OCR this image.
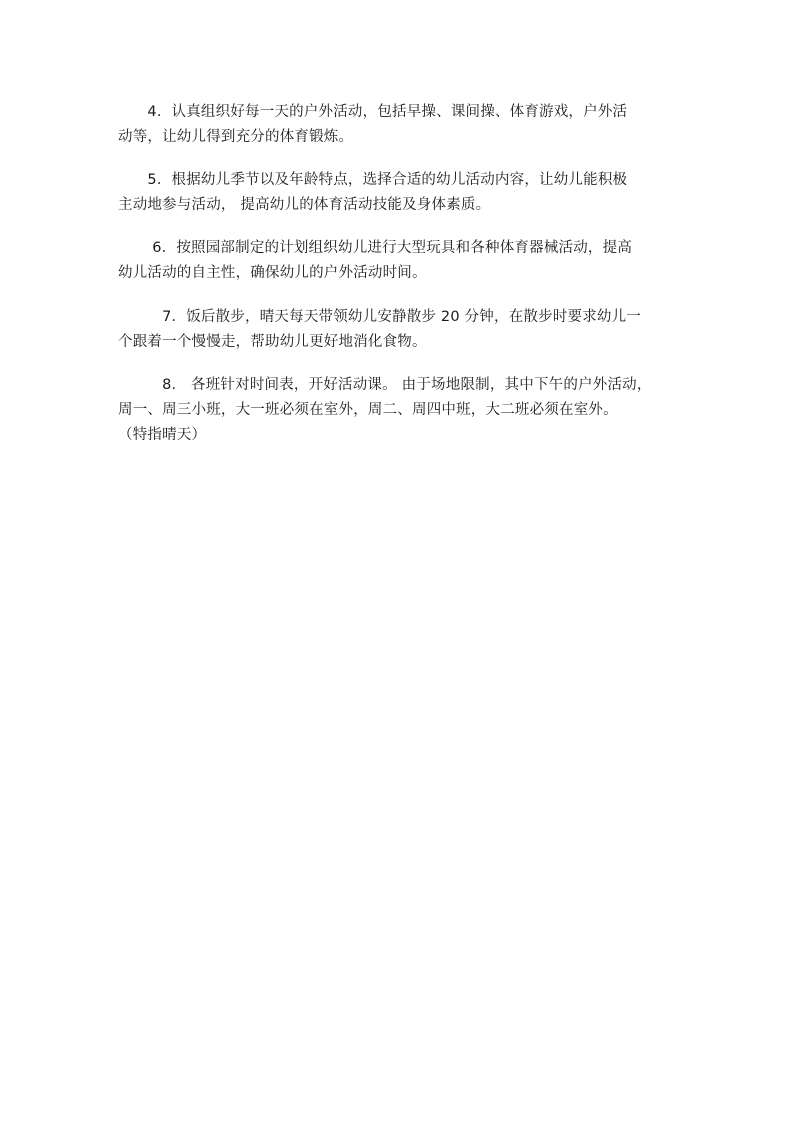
　　4．认真组织好每一天的户外活动，包括早操、课间操、体育游戏，户外活
动等，让幼儿得到充分的体育锻炼。
　　5．根据幼儿季节以及年龄特点，选择合适的幼儿活动内容，让幼儿能积极
主动地参与活动， 提高幼儿的体育活动技能及身体素质。
　　 6．按照园部制定的计划组织幼儿进行大型玩具和各种体育器械活动，提高
幼儿活动的自主性，确保幼儿的户外活动时间。
　　　7．饭后散步，晴天每天带领幼儿安静散步 20 分钟，在散步时要求幼儿一
个跟着一个慢慢走，帮助幼儿更好地消化食物。
　　　8． 各班针对时间表，开好活动课。 由于场地限制，其中下午的户外活动，
周一、周三小班，大一班必须在室外，周二、周四中班，大二班必须在室外。
（特指晴天）
